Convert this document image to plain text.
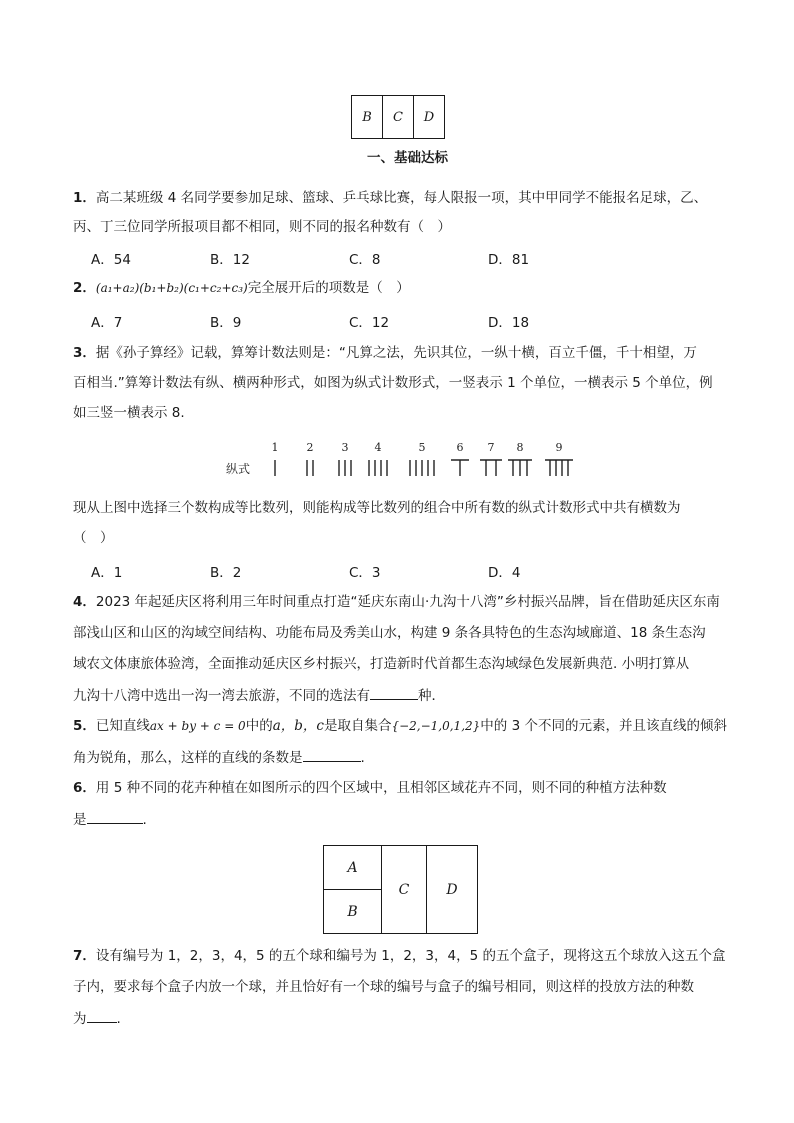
B	C	D
一、基础达标
1．高二某班级 4 名同学要参加足球、篮球、乒乓球比赛，每人限报一项，其中甲同学不能报名足球，乙、
丙、丁三位同学所报项目都不相同，则不同的报名种数有（　）
A．54	B．12	C．8	D．81
2．(a₁+a₂)(b₁+b₂)(c₁+c₂+c₃)完全展开后的项数是（　）
A．7	B．9	C．12	D．18
3．据《孙子算经》记载，算筹计数法则是：“凡算之法，先识其位，一纵十横，百立千僵，千十相望，万
百相当.”算筹计数法有纵、横两种形式，如图为纵式计数形式，一竖表示 1 个单位，一横表示 5 个单位，例
如三竖一横表示 8.
纵式
1	2	3 4	5	6 7 8	9
现从上图中选择三个数构成等比数列，则能构成等比数列的组合中所有数的纵式计数形式中共有横数为
（　）
A．1	B．2	C．3	D．4
4．2023 年起延庆区将利用三年时间重点打造“延庆东南山·九沟十八湾”乡村振兴品牌，旨在借助延庆区东南
部浅山区和山区的沟域空间结构、功能布局及秀美山水，构建 9 条各具特色的生态沟域廊道、18 条生态沟
域农文体康旅体验湾，全面推动延庆区乡村振兴，打造新时代首都生态沟域绿色发展新典范. 小明打算从
九沟十八湾中选出一沟一湾去旅游，不同的选法有	种．
5．已知直线ax + by + c = 0中的a，b，c是取自集合{−2,−1,0,1,2}中的 3 个不同的元素，并且该直线的倾斜
角为锐角，那么，这样的直线的条数是	.
6．用 5 种不同的花卉种植在如图所示的四个区域中，且相邻区域花卉不同，则不同的种植方法种数
是	.
A	C	D
B
7．设有编号为 1，2，3，4，5 的五个球和编号为 1，2，3，4，5 的五个盒子，现将这五个球放入这五个盒
子内，要求每个盒子内放一个球，并且恰好有一个球的编号与盒子的编号相同，则这样的投放方法的种数
为 .
